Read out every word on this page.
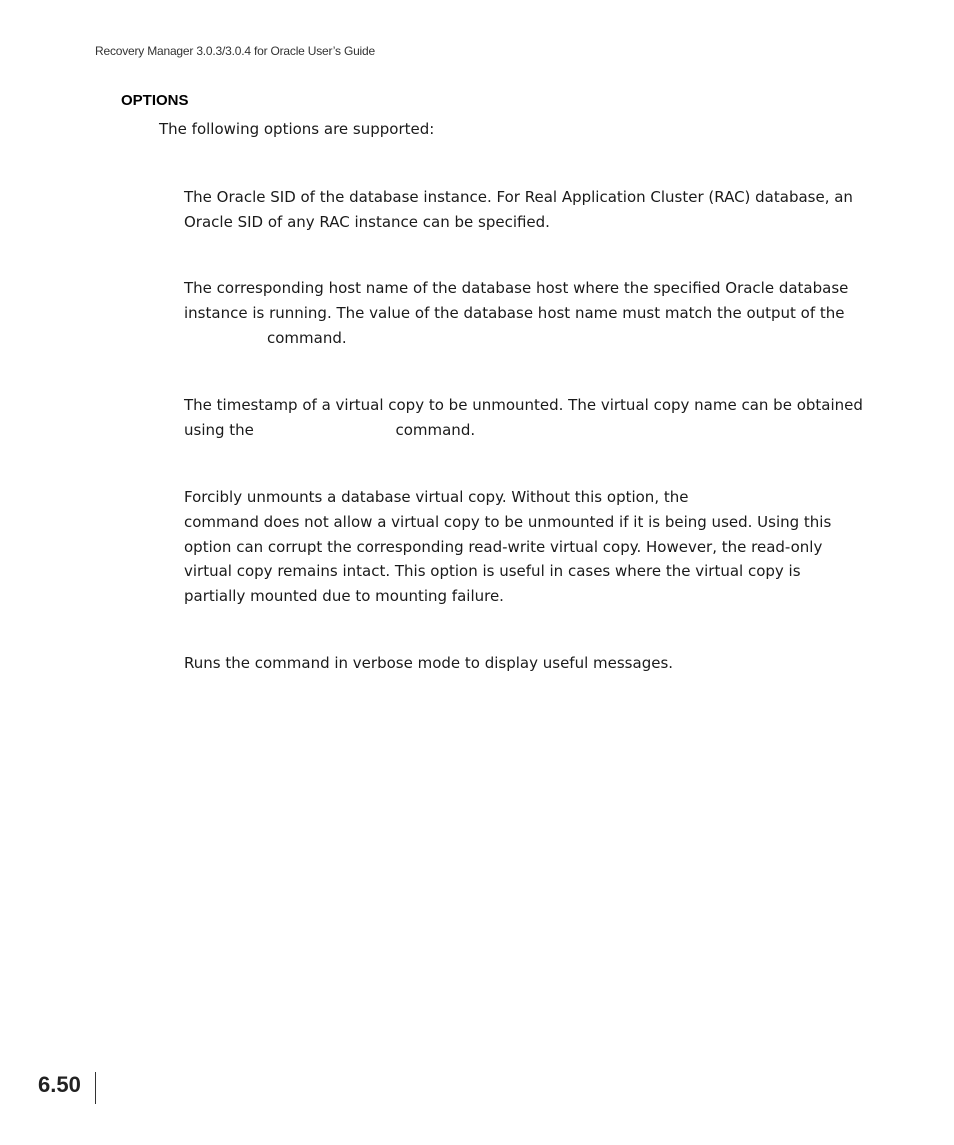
Recovery Manager 3.0.3/3.0.4 for Oracle User’s Guide
OPTIONS
The following options are supported:
The Oracle SID of the database instance. For Real Application Cluster (RAC) database, an Oracle SID of any RAC instance can be specified.
The corresponding host name of the database host where the specified Oracle database instance is running. The value of the database host name must match the output of the
command.
The timestamp of a virtual copy to be unmounted. The virtual copy name can be obtained using the	command.
Forcibly unmounts a database virtual copy. Without this option, the
command does not allow a virtual copy to be unmounted if it is being used. Using this option can corrupt the corresponding read-write virtual copy. However, the read-only virtual copy remains intact. This option is useful in cases where the virtual copy is partially mounted due to mounting failure.
Runs the command in verbose mode to display useful messages.
6.50
